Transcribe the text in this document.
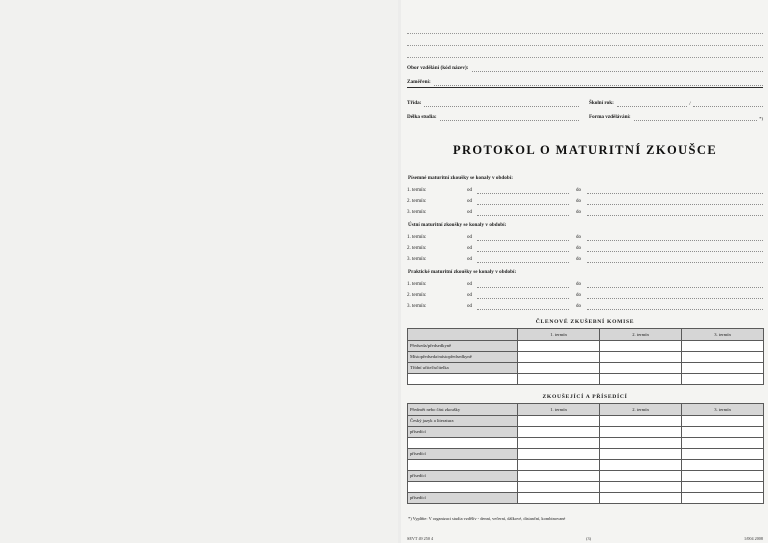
Obor vzdělání (kód název):
Zaměření:
Třída:	Školní rok:	/
Délka studia:	Forma vzdělávání:	*)
PROTOKOL O MATURITNÍ ZKOUŠCE
Písemné maturitní zkoušky se konaly v období:
1. termín:	od	do
2. termín:	od	do
3. termín:	od	do
Ústní maturitní zkoušky se konaly v období:
1. termín:	od	do
2. termín:	od	do
3. termín:	od	do
Praktické maturitní zkoušky se konaly v období:
1. termín:	od	do
2. termín:	od	do
3. termín:	od	do
ČLENOVÉ ZKUŠEBNÍ KOMISE
	1. termín	2. termín	3. termín
Předseda/předsedkyně			
Místopředseda/místopředsedkyně			
Třídní učitel/učitelka			

ZKOUŠEJÍCÍ A PŘÍSEDÍCÍ
Předmět nebo část zkoušky	1. termín	2. termín	3. termín
Český jazyk a literatura			
přísedící			

přísedící			

přísedící			

přísedící			
*) Vyplňte: V organizaci studia vzdělív - denní, večerní, dálkové, distanční, kombinované
SEVT 49 250 4	(3)	1/004 2008
